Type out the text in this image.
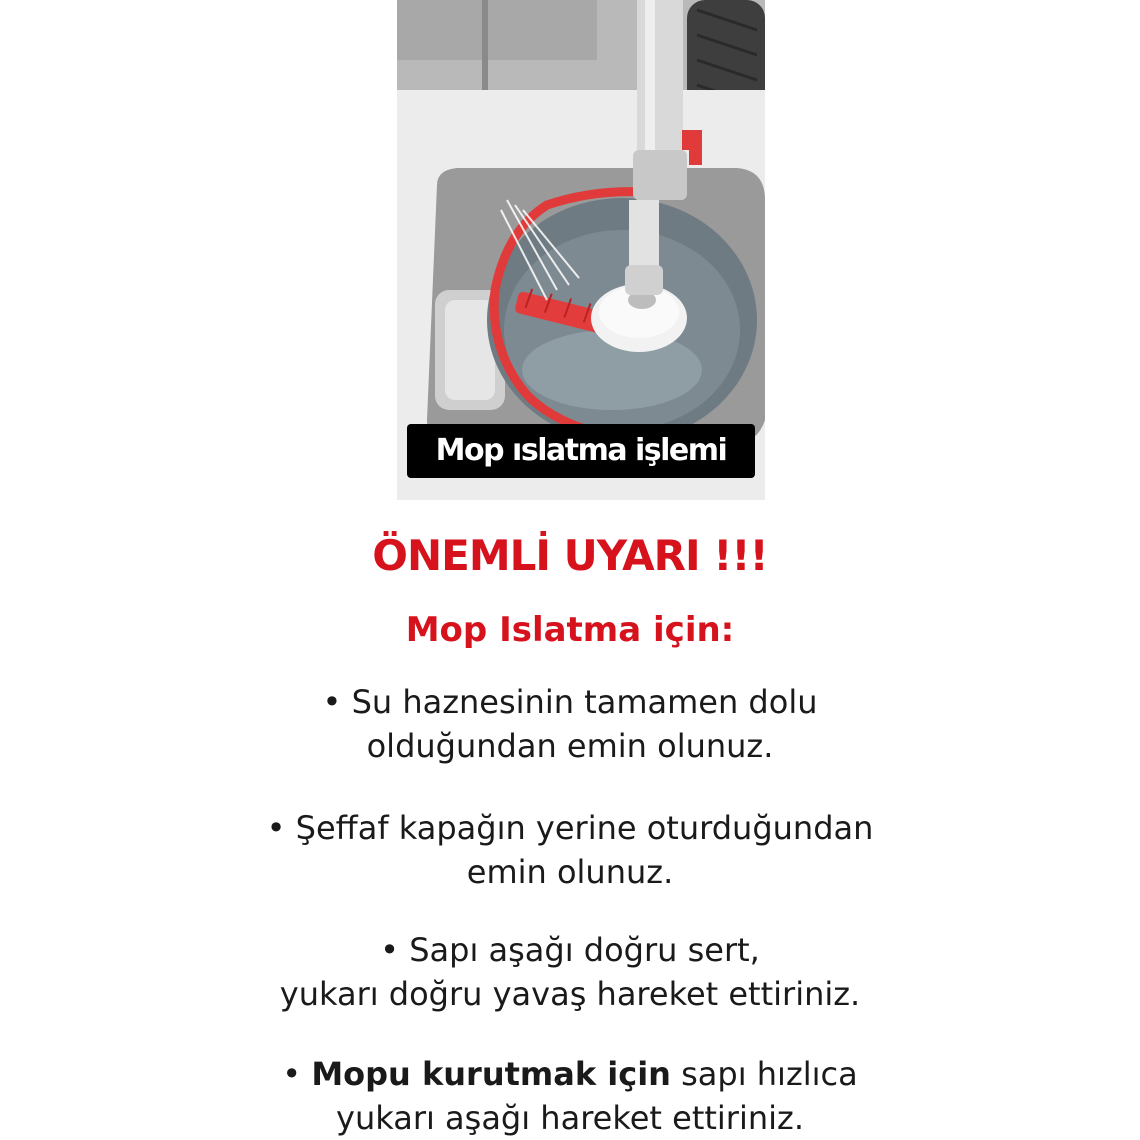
Mop ıslatma işlemi
ÖNEMLİ UYARI !!!
Mop Islatma için:
• Su haznesinin tamamen dolu
olduğundan emin olunuz.
• Şeffaf kapağın yerine oturduğundan
emin olunuz.
• Sapı aşağı doğru sert,
yukarı doğru yavaş hareket ettiriniz.
• Mopu kurutmak için sapı hızlıca
yukarı aşağı hareket ettiriniz.
